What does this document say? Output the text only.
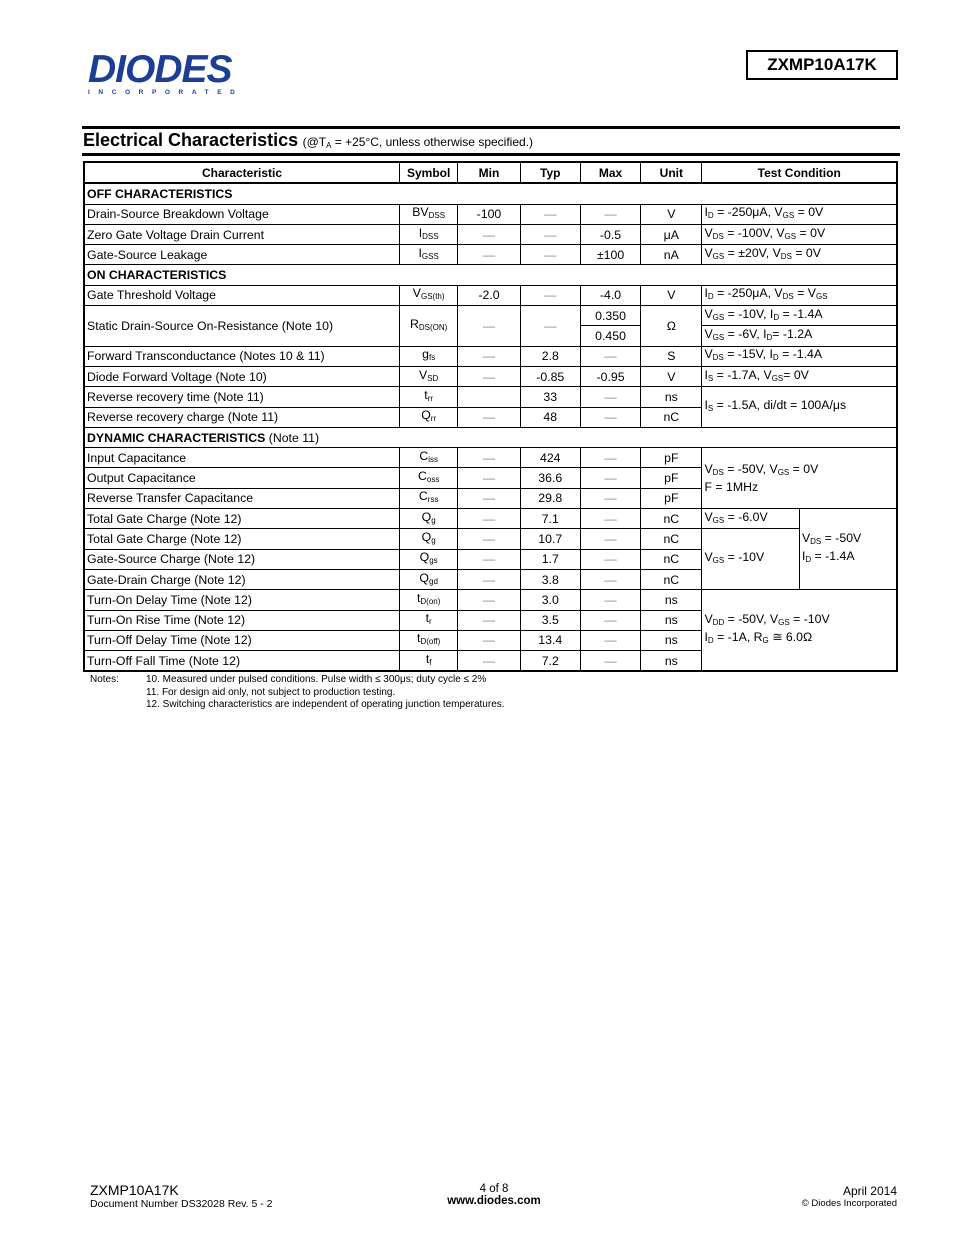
DIODES
INCORPORATED
ZXMP10A17K
Electrical Characteristics ($@T_A = +25^\circ C$, unless otherwise specified.)
Characteristic	Symbol	Min	Typ	Max	Unit	Test Condition	
OFF CHARACTERISTICS							
Drain-Source Breakdown Voltage	$BV_{DSS}$	-100	—	—	V	$I_D = -250\mu A$, $V_{GS} = 0V$	
Zero Gate Voltage Drain Current	$I_{DSS}$	—	—	-0.5	μA	$V_{DS} = -100V$, $V_{GS} = 0V$	
Gate-Source Leakage	$I_{GSS}$	—	—	±100	nA	$V_{GS} = \pm 20V$, $V_{DS} = 0V$	
ON CHARACTERISTICS							
Gate Threshold Voltage	$V_{GS(th)}$	-2.0	—	-4.0	V	$I_D = -250\mu A$, $V_{DS} = V_{GS}$
Static Drain-Source On-Resistance (Note 10)	$R_{DS(ON)}$	—	—	0.350	Ω	$V_{GS} = -10V$, $I_D = -1.4A$	
				0.450		$V_{GS} = -6V$, $I_D= -1.2A$	
Forward Transconductance (Notes 10 & 11)	$g_{fs}$	—	2.8	—	S	$V_{DS} = -15V$, $I_D = -1.4A$	
Diode Forward Voltage (Note 10)	$V_{SD}$	—	-0.85	-0.95	V	$I_S = -1.7A$, $V_{GS}= 0V$	
Reverse recovery time (Note 11)	$t_{rr}$		33	—	ns	$I_S = -1.5A$, di/dt = 100A/μs	
Reverse recovery charge (Note 11)	$Q_{rr}$	—	48	—	nC		
DYNAMIC CHARACTERISTICS (Note 11)							
Input Capacitance	$C_{iss}$	—	424	—	pF	$V_{DS} = -50V$, $V_{GS} = 0V$
F = 1MHz	
Output Capacitance	$C_{oss}$	—	36.6	—	pF		
Reverse Transfer Capacitance	$C_{rss}$	—	29.8	—	pF		
Total Gate Charge (Note 12)	$Q_g$	—	7.1	—	nC	$V_{GS} = -6.0V$	$V_{DS} = -50V$
$I_D = -1.4A$
Total Gate Charge (Note 12)	$Q_g$	—	10.7	—	nC	$V_{GS} = -10V$	
Gate-Source Charge (Note 12)	$Q_{gs}$	—	1.7	—	nC		
Gate-Drain Charge (Note 12)	$Q_{gd}$	—	3.8	—	nC		
Turn-On Delay Time (Note 12)	$t_{D(on)}$	—	3.0	—	ns	$V_{DD} = -50V$, $V_{GS} = -10V$
$I_D = -1A$, $R_G$ ≅ 6.0Ω	
Turn-On Rise Time (Note 12)	$t_r$	—	3.5	—	ns		
Turn-Off Delay Time (Note 12)	$t_{D(off)}$	—	13.4	—	ns		
Turn-Off Fall Time (Note 12)	$t_f$	—	7.2	—	ns		
Notes:	10. Measured under pulsed conditions. Pulse width ≤ 300μs; duty cycle ≤ 2%
11. For design aid only, not subject to production testing.
12. Switching characteristics are independent of operating junction temperatures.
ZXMP10A17K
Document Number DS32028 Rev. 5 - 2
4 of 8
www.diodes.com
April 2014
© Diodes Incorporated
